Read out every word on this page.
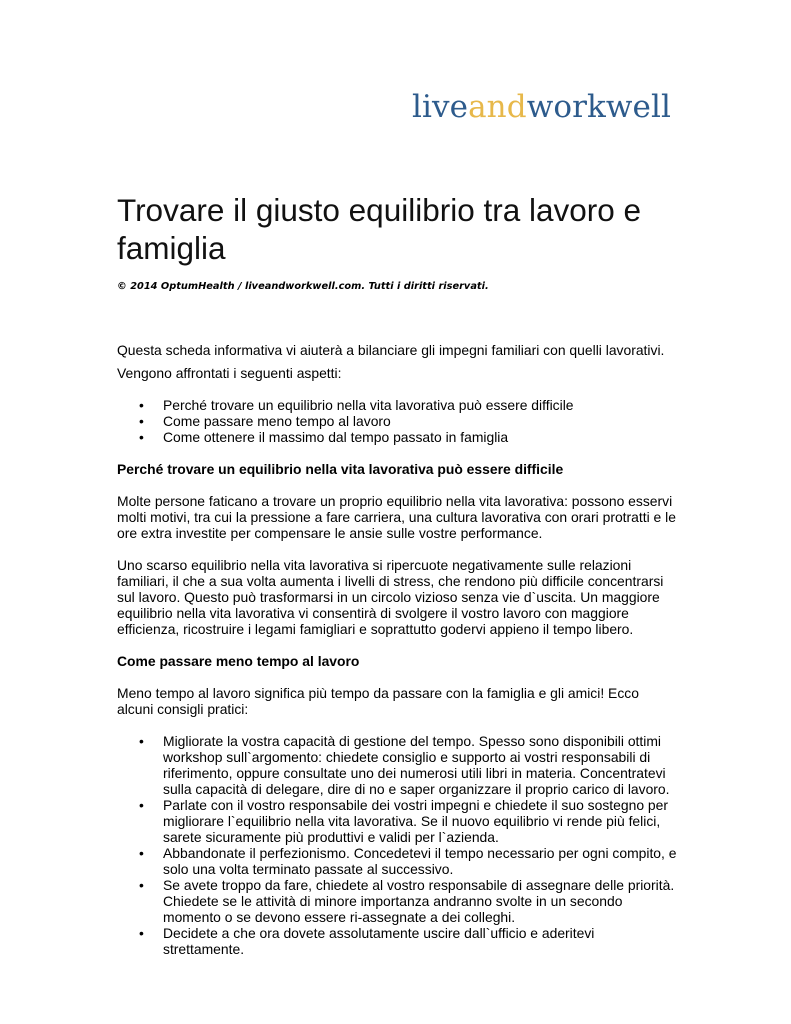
liveandworkwell
Trovare il giusto equilibrio tra lavoro e famiglia

© 2014 OptumHealth / liveandworkwell.com. Tutti i diritti riservati.

Questa scheda informativa vi aiuterà a bilanciare gli impegni familiari con quelli lavorativi.

Vengono affrontati i seguenti aspetti:

• Perché trovare un equilibrio nella vita lavorativa può essere difficile
• Come passare meno tempo al lavoro
• Come ottenere il massimo dal tempo passato in famiglia

Perché trovare un equilibrio nella vita lavorativa può essere difficile

Molte persone faticano a trovare un proprio equilibrio nella vita lavorativa: possono esservi molti motivi, tra cui la pressione a fare carriera, una cultura lavorativa con orari protratti e le ore extra investite per compensare le ansie sulle vostre performance.

Uno scarso equilibrio nella vita lavorativa si ripercuote negativamente sulle relazioni familiari, il che a sua volta aumenta i livelli di stress, che rendono più difficile concentrarsi sul lavoro. Questo può trasformarsi in un circolo vizioso senza vie d`uscita. Un maggiore equilibrio nella vita lavorativa vi consentirà di svolgere il vostro lavoro con maggiore efficienza, ricostruire i legami famigliari e soprattutto godervi appieno il tempo libero.

Come passare meno tempo al lavoro

Meno tempo al lavoro significa più tempo da passare con la famiglia e gli amici! Ecco alcuni consigli pratici:

• Migliorate la vostra capacità di gestione del tempo. Spesso sono disponibili ottimi workshop sull`argomento: chiedete consiglio e supporto ai vostri responsabili di riferimento, oppure consultate uno dei numerosi utili libri in materia. Concentratevi sulla capacità di delegare, dire di no e saper organizzare il proprio carico di lavoro.
• Parlate con il vostro responsabile dei vostri impegni e chiedete il suo sostegno per migliorare l`equilibrio nella vita lavorativa. Se il nuovo equilibrio vi rende più felici, sarete sicuramente più produttivi e validi per l`azienda.
• Abbandonate il perfezionismo. Concedetevi il tempo necessario per ogni compito, e solo una volta terminato passate al successivo.
• Se avete troppo da fare, chiedete al vostro responsabile di assegnare delle priorità. Chiedete se le attività di minore importanza andranno svolte in un secondo momento o se devono essere ri-assegnate a dei colleghi.
• Decidete a che ora dovete assolutamente uscire dall`ufficio e aderitevi strettamente.
